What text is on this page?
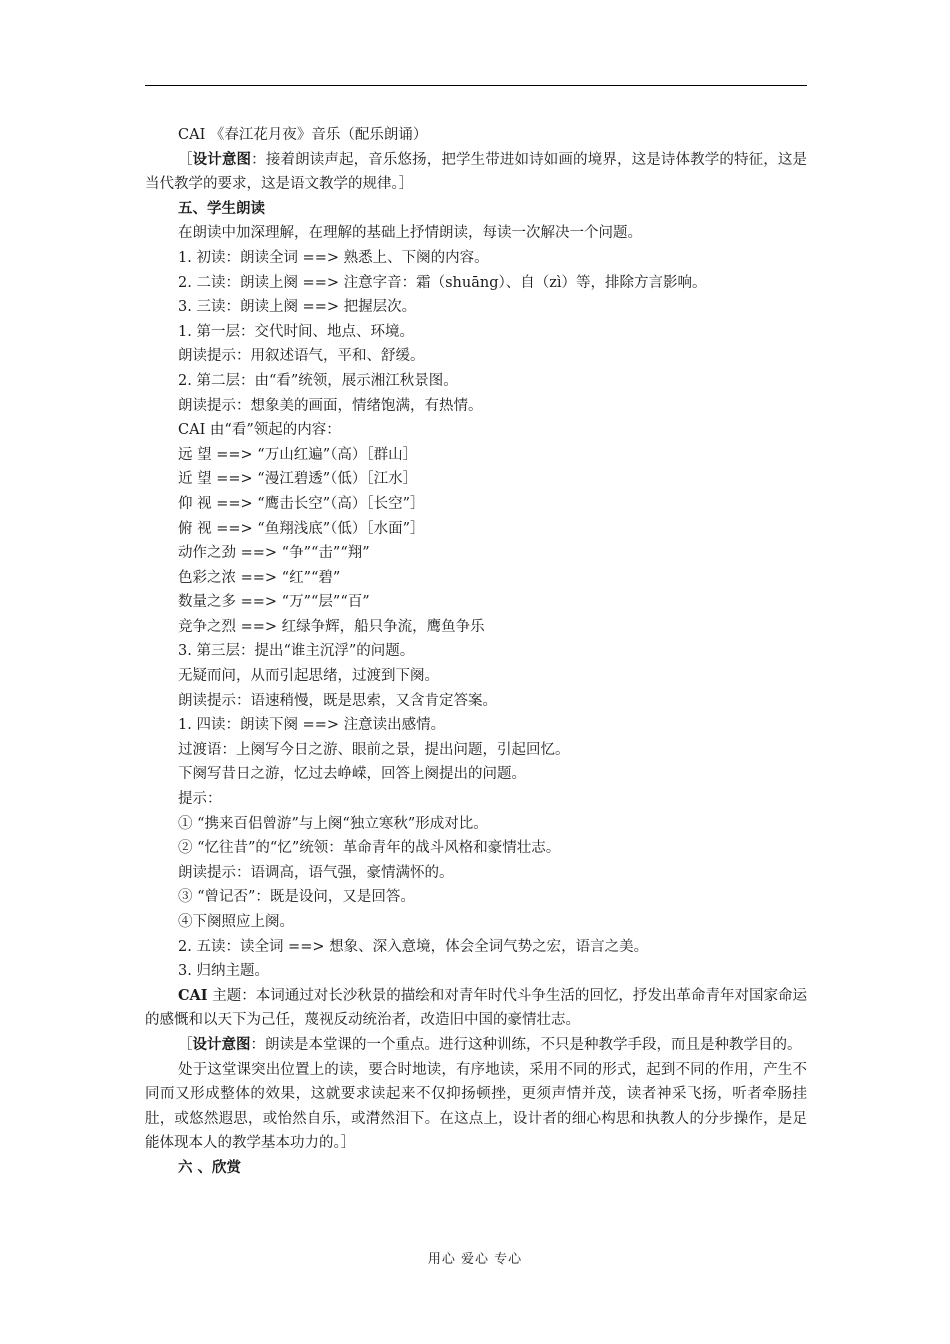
CAI 《春江花月夜》音乐（配乐朗诵）
［设计意图：接着朗读声起，音乐悠扬，把学生带进如诗如画的境界，这是诗体教学的特征，这是当代教学的要求，这是语文教学的规律。］
五、学生朗读
在朗读中加深理解，在理解的基础上抒情朗读，每读一次解决一个问题。
1. 初读：朗读全词 ==> 熟悉上、下阕的内容。
2. 二读：朗读上阕 ==> 注意字音：霜（shuāng）、自（zì）等，排除方言影响。
3. 三读：朗读上阕 ==> 把握层次。
1. 第一层：交代时间、地点、环境。
朗读提示：用叙述语气，平和、舒缓。
2. 第二层：由“看”统领，展示湘江秋景图。
朗读提示：想象美的画面，情绪饱满，有热情。
CAI 由“看”领起的内容：
远 望 ==> “万山红遍”（高）［群山］
近 望 ==> “漫江碧透”（低）［江水］
仰 视 ==> “鹰击长空”（高）［长空”］
俯 视 ==> “鱼翔浅底”（低）［水面”］
动作之劲 ==> “争”“击”“翔”
色彩之浓 ==> “红”“碧”
数量之多 ==> “万”“层”“百”
竞争之烈 ==> 红绿争辉，船只争流，鹰鱼争乐
3. 第三层：提出“谁主沉浮”的问题。
无疑而问，从而引起思绪，过渡到下阕。
朗读提示：语速稍慢，既是思索，又含肯定答案。
1. 四读：朗读下阕 ==> 注意读出感情。
过渡语：上阕写今日之游、眼前之景，提出问题，引起回忆。
下阕写昔日之游，忆过去峥嵘，回答上阕提出的问题。
提示：
① “携来百侣曾游”与上阕“独立寒秋”形成对比。
② “忆往昔”的“忆”统领：革命青年的战斗风格和豪情壮志。
朗读提示：语调高，语气强，豪情满怀的。
③ “曾记否”：既是设问，又是回答。
④下阕照应上阕。
2. 五读：读全词 ==> 想象、深入意境，体会全词气势之宏，语言之美。
3. 归纳主题。
CAI 主题：本词通过对长沙秋景的描绘和对青年时代斗争生活的回忆，抒发出革命青年对国家命运的感慨和以天下为己任，蔑视反动统治者，改造旧中国的豪情壮志。
［设计意图：朗读是本堂课的一个重点。进行这种训练，不只是种教学手段，而且是种教学目的。
处于这堂课突出位置上的读，要合时地读，有序地读，采用不同的形式，起到不同的作用，产生不同而又形成整体的效果，这就要求读起来不仅抑扬顿挫，更须声情并茂，读者神采飞扬，听者牵肠挂肚，或悠然遐思，或怡然自乐，或潸然泪下。在这点上，设计者的细心构思和执教人的分步操作，是足能体现本人的教学基本功力的。］
六 、欣赏
用心 爱心 专心
